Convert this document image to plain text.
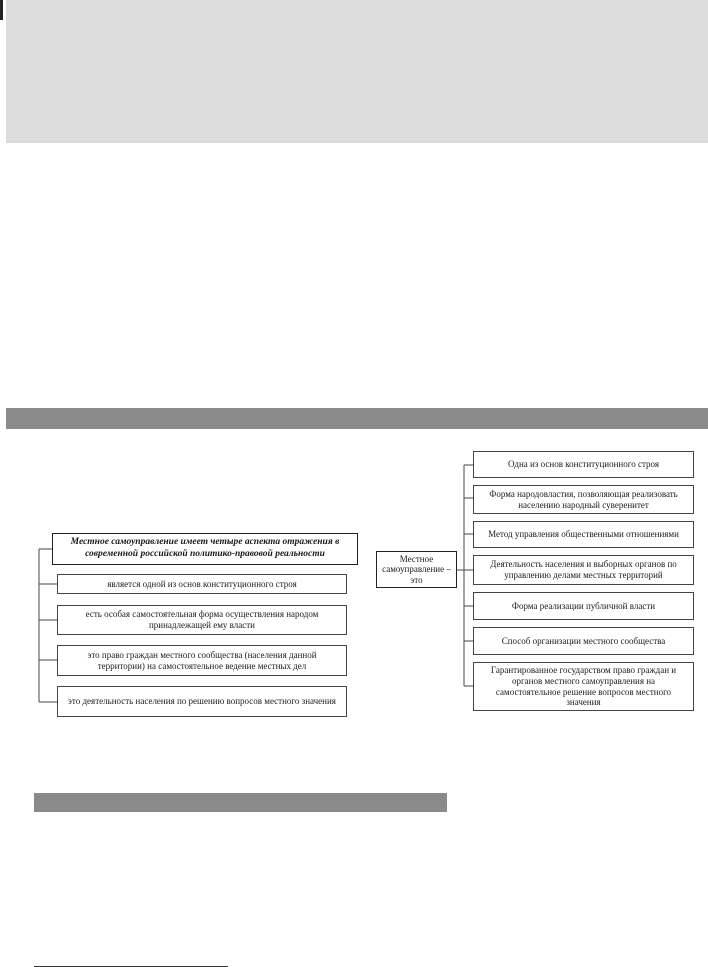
Местное самоуправление имеет четыре аспекта отражения в современной российской политико-правовой реальности
является одной из основ конституционного строя
есть особая самостоятельная форма осуществления народом принадлежащей ему власти
это право граждан местного сообщества (населения данной территории) на самостоятельное ведение местных дел
это деятельность населения по решению вопросов местного значения
Местное самоуправление – это
Одна из основ конституционного строя
Форма народовластия, позволяющая реализовать населению народный суверенитет
Метод управления общественными отношениями
Деятельность населения и выборных органов по управлению делами местных территорий
Форма реализации публичной власти
Способ организации местного сообщества
Гарантированное государством право граждан и органов местного самоуправления на самостоятельное решение вопросов местного значения
